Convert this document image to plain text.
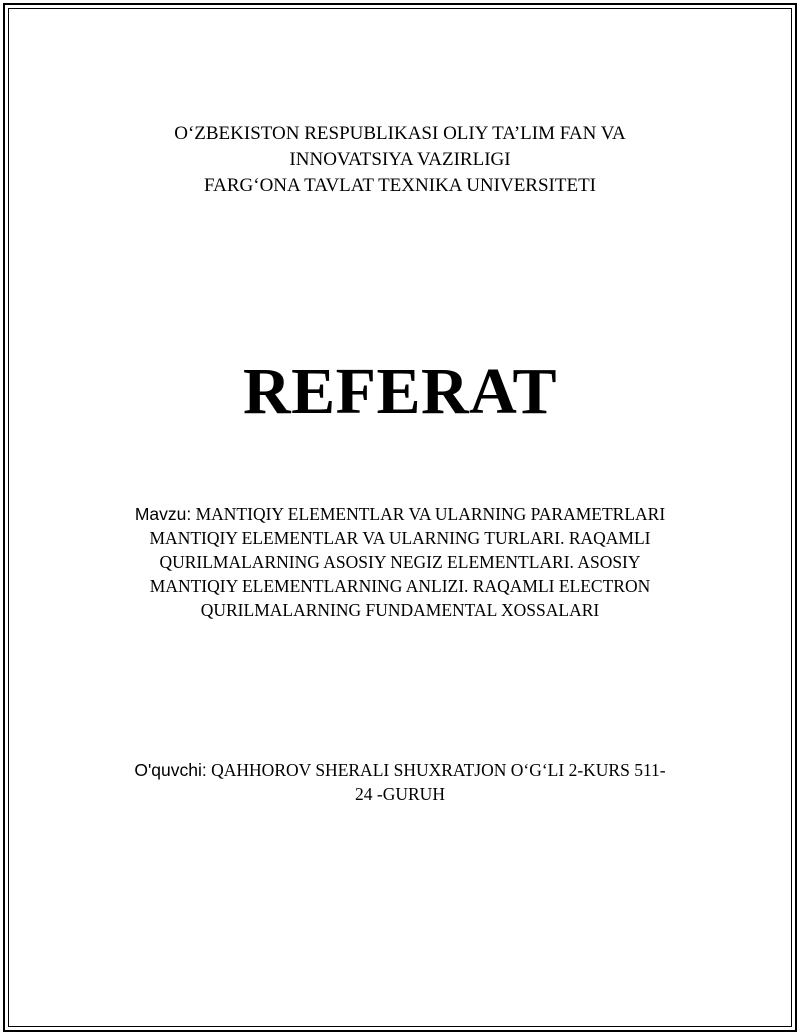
O‘ZBEKISTON RESPUBLIKASI OLIY TA’LIM FAN VA
INNOVATSIYA VAZIRLIGI
FARG‘ONA TAVLAT TEXNIKA UNIVERSITETI
REFERAT
Mavzu: MANTIQIY ELEMENTLAR VA ULARNING PARAMETRLARI
MANTIQIY ELEMENTLAR VA ULARNING TURLARI. RAQAMLI
QURILMALARNING ASOSIY NEGIZ ELEMENTLARI. ASOSIY
MANTIQIY ELEMENTLARNING ANLIZI. RAQAMLI ELECTRON
QURILMALARNING FUNDAMENTAL XOSSALARI
O'quvchi: QAHHOROV SHERALI SHUXRATJON O‘G‘LI 2-KURS 511-
24 -GURUH
